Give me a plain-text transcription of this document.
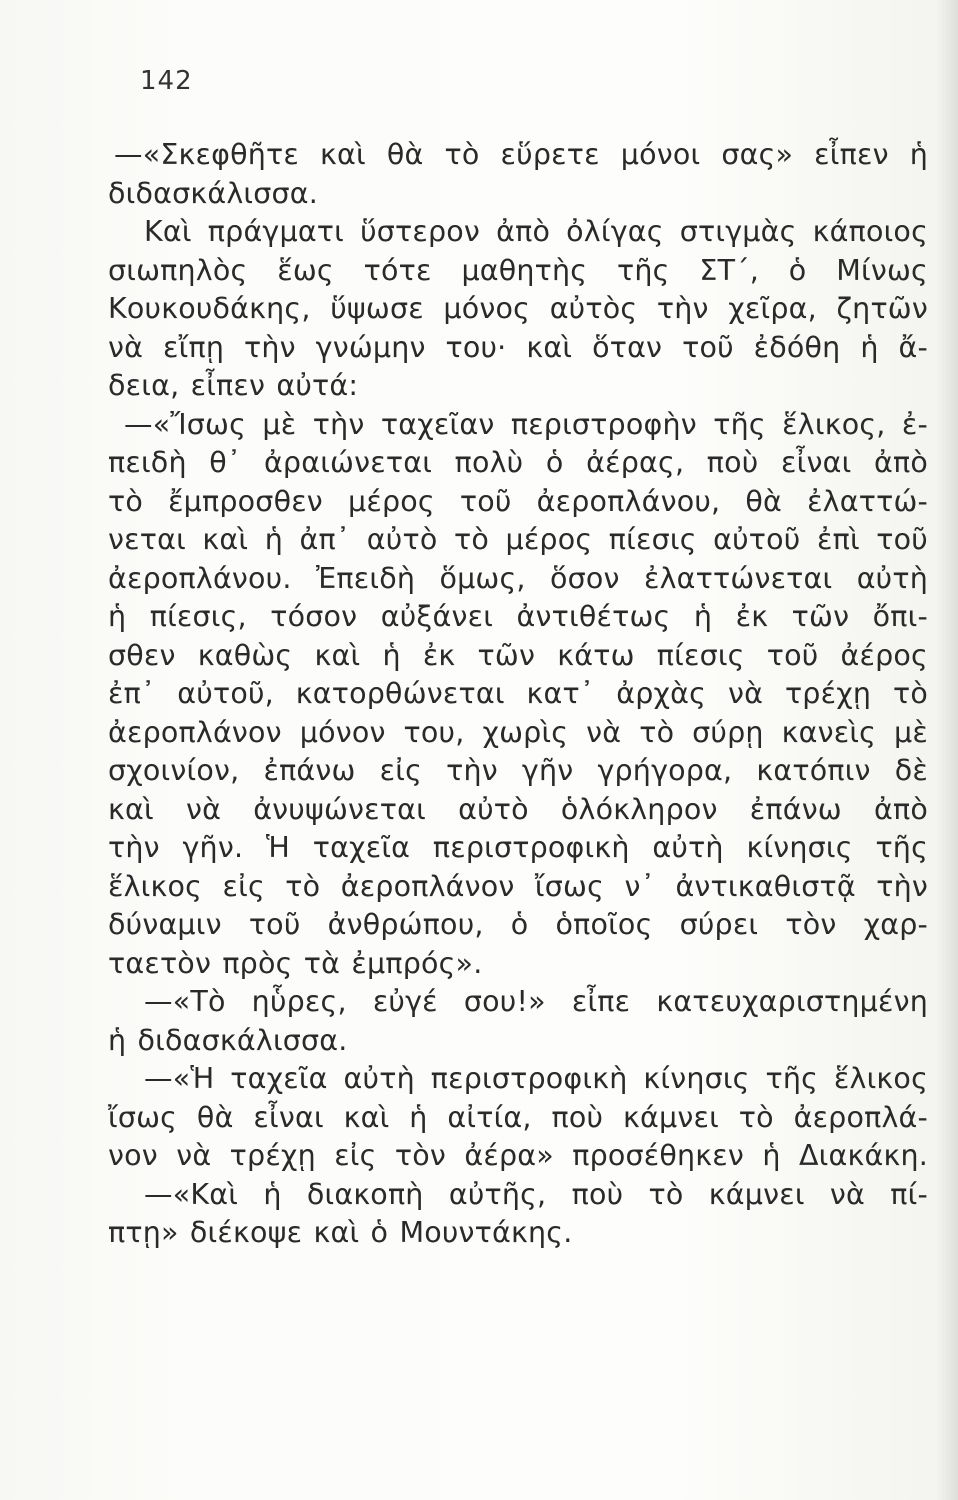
142
—«Σκεφθῆτε καὶ θὰ τὸ εὕρετε μόνοι σας» εἶπεν ἡ
διδασκάλισσα.
Καὶ πράγματι ὕστερον ἀπὸ ὀλίγας στιγμὰς κάποιος
σιωπηλὸς ἕως τότε μαθητὴς τῆς ΣΤ΄, ὁ Μίνως
Κουκουδάκης, ὕψωσε μόνος αὐτὸς τὴν χεῖρα, ζητῶν
νὰ εἴπῃ τὴν γνώμην του· καὶ ὅταν τοῦ ἐδόθη ἡ ἄ-
δεια, εἶπεν αὐτά:
—«Ἴσως μὲ τὴν ταχεῖαν περιστροφὴν τῆς ἕλικος, ἐ-
πειδὴ θ᾽ ἀραιώνεται πολὺ ὁ ἀέρας, ποὺ εἶναι ἀπὸ
τὸ ἔμπροσθεν μέρος τοῦ ἀεροπλάνου, θὰ ἐλαττώ-
νεται καὶ ἡ ἀπ᾽ αὐτὸ τὸ μέρος πίεσις αὐτοῦ ἐπὶ τοῦ
ἀεροπλάνου. Ἐπειδὴ ὅμως, ὅσον ἐλαττώνεται αὐτὴ
ἡ πίεσις, τόσον αὐξάνει ἀντιθέτως ἡ ἐκ τῶν ὄπι-
σθεν καθὼς καὶ ἡ ἐκ τῶν κάτω πίεσις τοῦ ἀέρος
ἐπ᾽ αὐτοῦ, κατορθώνεται κατ᾽ ἀρχὰς νὰ τρέχῃ τὸ
ἀεροπλάνον μόνον του, χωρὶς νὰ τὸ σύρῃ κανεὶς μὲ
σχοινίον, ἐπάνω εἰς τὴν γῆν γρήγορα, κατόπιν δὲ
καὶ νὰ ἀνυψώνεται αὐτὸ ὁλόκληρον ἐπάνω ἀπὸ
τὴν γῆν. Ἡ ταχεῖα περιστροφικὴ αὐτὴ κίνησις τῆς
ἕλικος εἰς τὸ ἀεροπλάνον ἴσως ν᾽ ἀντικαθιστᾷ τὴν
δύναμιν τοῦ ἀνθρώπου, ὁ ὁποῖος σύρει τὸν χαρ-
ταετὸν πρὸς τὰ ἐμπρός».
—«Τὸ ηὗρες, εὐγέ σου!» εἶπε κατευχαριστημένη
ἡ διδασκάλισσα.
—«Ἡ ταχεῖα αὐτὴ περιστροφικὴ κίνησις τῆς ἕλικος
ἴσως θὰ εἶναι καὶ ἡ αἰτία, ποὺ κάμνει τὸ ἀεροπλά-
νον νὰ τρέχῃ εἰς τὸν ἀέρα» προσέθηκεν ἡ Διακάκη.
—«Καὶ ἡ διακοπὴ αὐτῆς, ποὺ τὸ κάμνει νὰ πί-
πτῃ» διέκοψε καὶ ὁ Μουντάκης.
